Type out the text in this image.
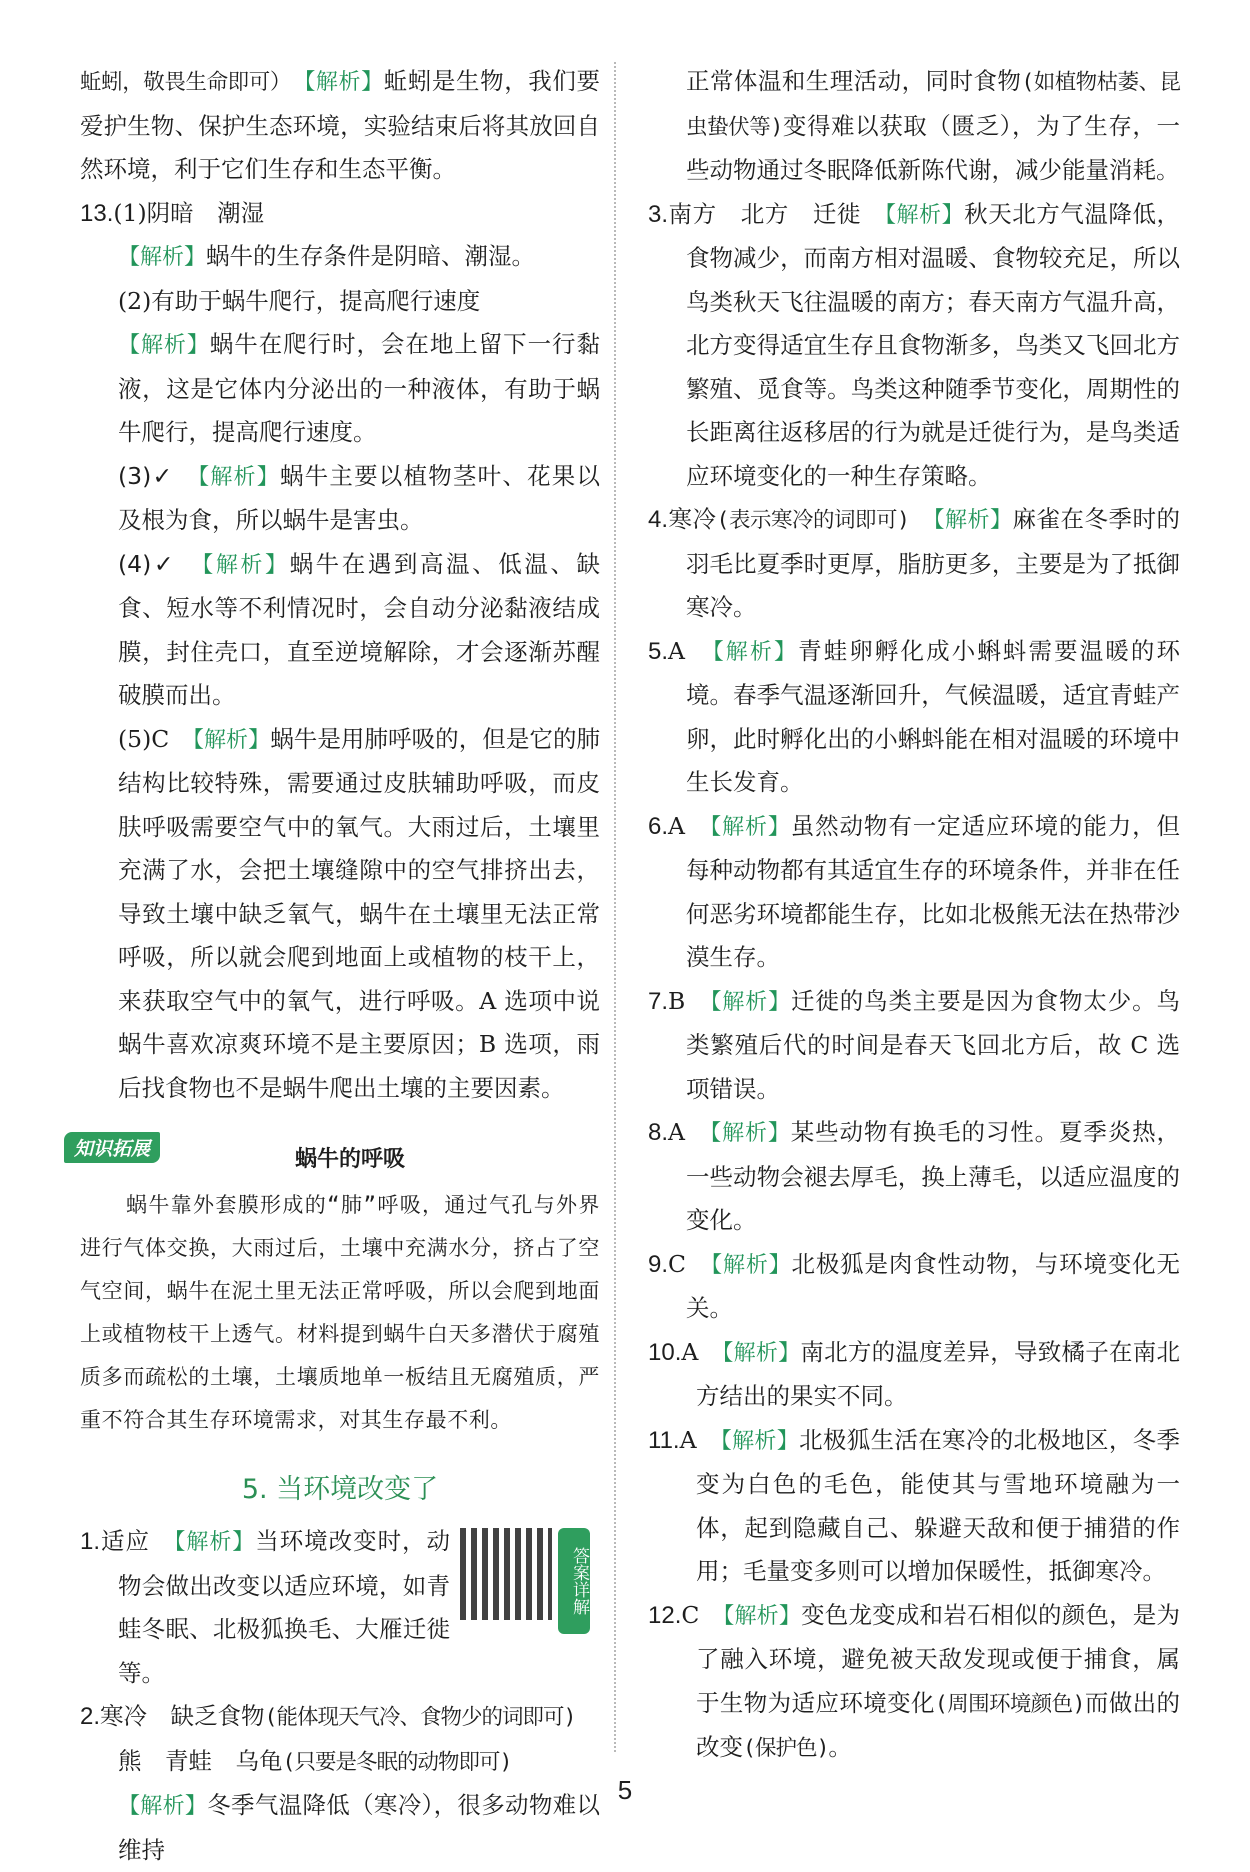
蚯蚓，敬畏生命即可）　 【解析】蚯蚓是生物，我们要爱护生物、保护生态环境，实验结束后将其放回自然环境，利于它们生存和生态平衡。

13.(1)阴暗　潮湿

【解析】蜗牛的生存条件是阴暗、潮湿。

(2)有助于蜗牛爬行，提高爬行速度

【解析】蜗牛在爬行时，会在地上留下一行黏液，这是它体内分泌出的一种液体，有助于蜗牛爬行，提高爬行速度。

(3)✓　 【解析】蜗牛主要以植物茎叶、花果以及根为食，所以蜗牛是害虫。

(4)✓　 【解析】蜗牛在遇到高温、低温、缺食、短水等不利情况时，会自动分泌黏液结成膜，封住壳口，直至逆境解除，才会逐渐苏醒破膜而出。

(5)C　 【解析】蜗牛是用肺呼吸的，但是它的肺结构比较特殊，需要通过皮肤辅助呼吸，而皮肤呼吸需要空气中的氧气。大雨过后，土壤里充满了水，会把土壤缝隙中的空气排挤出去，导致土壤中缺乏氧气，蜗牛在土壤里无法正常呼吸，所以就会爬到地面上或植物的枝干上，来获取空气中的氧气，进行呼吸。A 选项中说蜗牛喜欢凉爽环境不是主要原因；B 选项，雨后找食物也不是蜗牛爬出土壤的主要因素。

知识拓展	蜗牛的呼吸

蜗牛靠外套膜形成的“肺”呼吸，通过气孔与外界进行气体交换，大雨过后，土壤中充满水分，挤占了空气空间，蜗牛在泥土里无法正常呼吸，所以会爬到地面上或植物枝干上透气。材料提到蜗牛白天多潜伏于腐殖质多而疏松的土壤，土壤质地单一板结且无腐殖质，严重不符合其生存环境需求，对其生存最不利。

5. 当环境改变了
答案详解

1.适应　 【解析】当环境改变时，动物会做出改变以适应环境，如青蛙冬眠、北极狐换毛、大雁迁徙等。

2.寒冷　缺乏食物(能体现天气冷、食物少的词即可)

熊　青蛙　乌龟(只要是冬眠的动物即可)

【解析】冬季气温降低（寒冷），很多动物难以维持

正常体温和生理活动，同时食物(如植物枯萎、昆虫蛰伏等)变得难以获取（匮乏），为了生存，一些动物通过冬眠降低新陈代谢，减少能量消耗。

3.南方　北方　迁徙　 【解析】秋天北方气温降低，食物减少，而南方相对温暖、食物较充足，所以鸟类秋天飞往温暖的南方；春天南方气温升高，北方变得适宜生存且食物渐多，鸟类又飞回北方繁殖、觅食等。鸟类这种随季节变化，周期性的长距离往返移居的行为就是迁徙行为，是鸟类适应环境变化的一种生存策略。

4.寒冷(表示寒冷的词即可)　 【解析】麻雀在冬季时的羽毛比夏季时更厚，脂肪更多，主要是为了抵御寒冷。

5.A　 【解析】青蛙卵孵化成小蝌蚪需要温暖的环境。春季气温逐渐回升，气候温暖，适宜青蛙产卵，此时孵化出的小蝌蚪能在相对温暖的环境中生长发育。

6.A　 【解析】虽然动物有一定适应环境的能力，但每种动物都有其适宜生存的环境条件，并非在任何恶劣环境都能生存，比如北极熊无法在热带沙漠生存。

7.B　 【解析】迁徙的鸟类主要是因为食物太少。鸟类繁殖后代的时间是春天飞回北方后，故 C 选项错误。

8.A　 【解析】某些动物有换毛的习性。夏季炎热，一些动物会褪去厚毛，换上薄毛，以适应温度的变化。

9.C　 【解析】北极狐是肉食性动物，与环境变化无关。

10.A　 【解析】南北方的温度差异，导致橘子在南北方结出的果实不同。

11.A　 【解析】北极狐生活在寒冷的北极地区，冬季变为白色的毛色，能使其与雪地环境融为一体，起到隐藏自己、躲避天敌和便于捕猎的作用；毛量变多则可以增加保暖性，抵御寒冷。

12.C　 【解析】变色龙变成和岩石相似的颜色，是为了融入环境，避免被天敌发现或便于捕食，属于生物为适应环境变化(周围环境颜色)而做出的改变(保护色)。

5
